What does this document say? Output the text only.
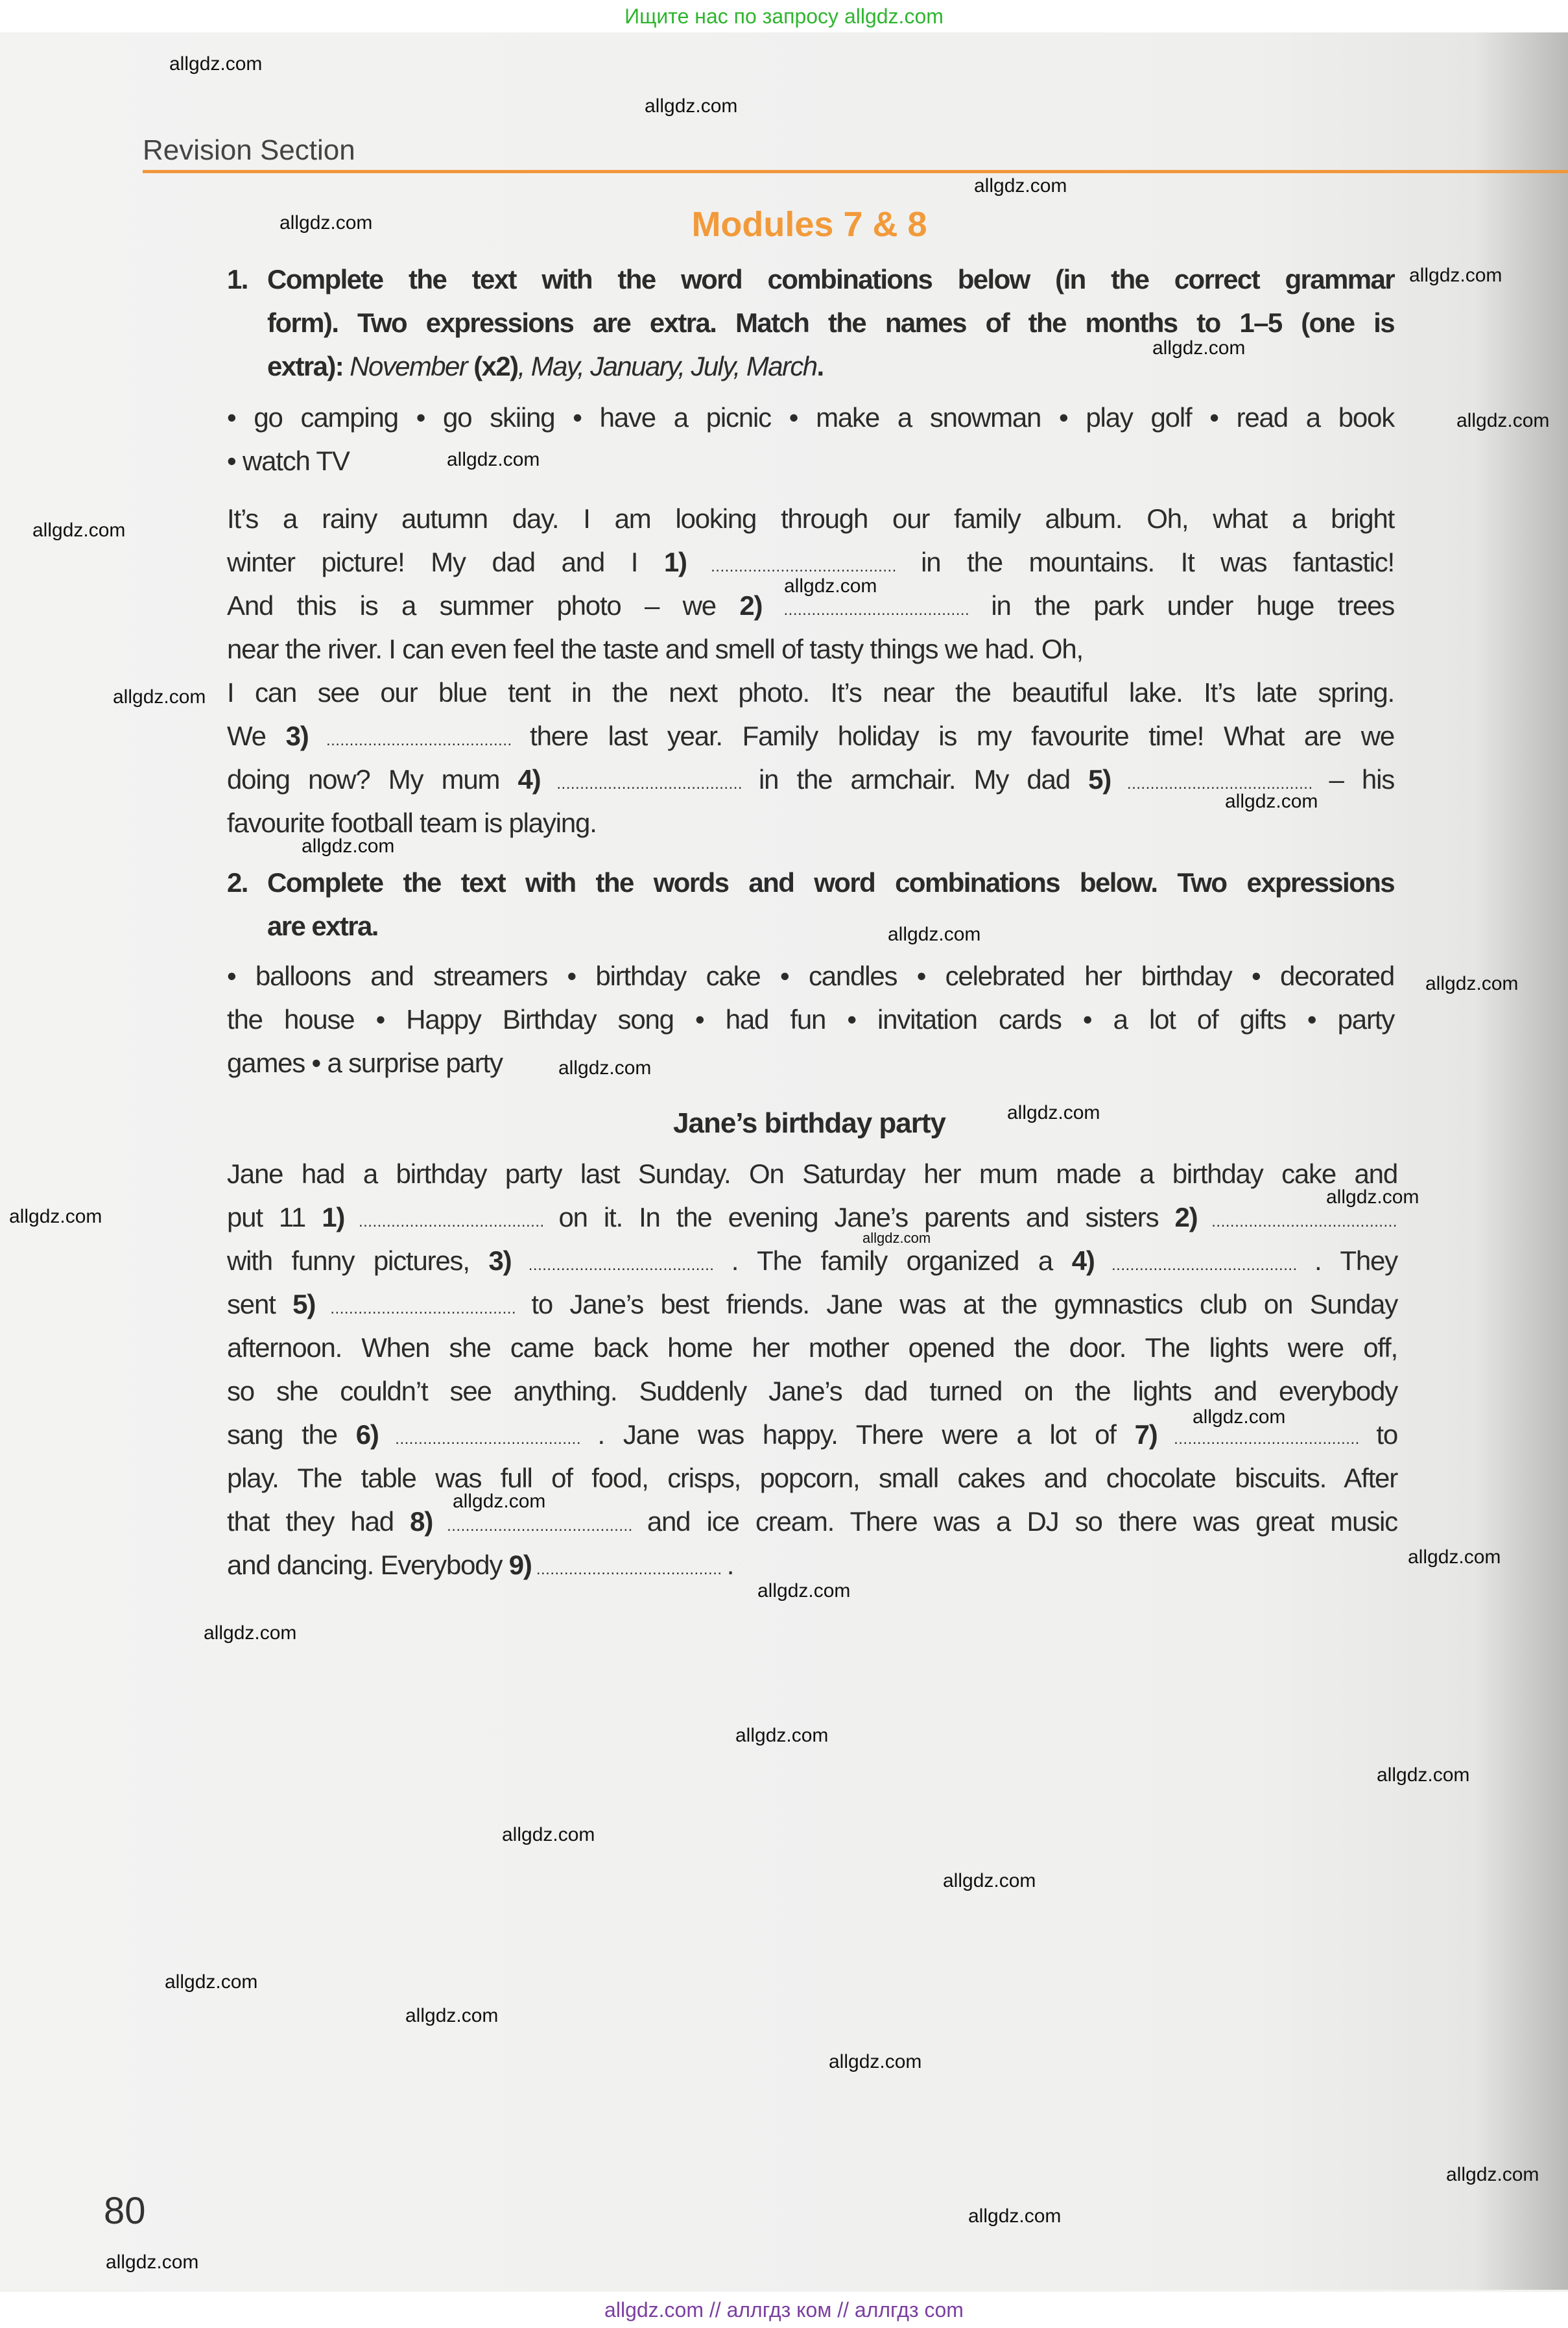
Ищите нас по запросу allgdz.com
Revision Section
Modules 7 & 8
1. Complete the text with the word combinations below (in the correct grammar
form). Two expressions are extra. Match the names of the months to 1–5 (one is
extra): November (x2), May, January, July, March.
• go camping • go skiing • have a picnic • make a snowman • play golf • read a book
• watch TV
It’s a rainy autumn day. I am looking through our family album. Oh, what a bright
winter picture! My dad and I 1) ........................................ in the mountains. It was fantastic!
And this is a summer photo – we 2) ........................................ in the park under huge trees
near the river. I can even feel the taste and smell of tasty things we had. Oh,
I can see our blue tent in the next photo. It’s near the beautiful lake. It’s late spring.
We 3) ........................................ there last year. Family holiday is my favourite time! What are we
doing now? My mum 4) ........................................ in the armchair. My dad 5) ........................................ – his
favourite football team is playing.
2. Complete the text with the words and word combinations below. Two expressions
are extra.
• balloons and streamers • birthday cake • candles • celebrated her birthday • decorated
the house • Happy Birthday song • had fun • invitation cards • a lot of gifts • party
games • a surprise party
Jane’s birthday party
Jane had a birthday party last Sunday. On Saturday her mum made a birthday cake and
put 11 1) ........................................ on it. In the evening Jane’s parents and sisters 2) ........................................
with funny pictures, 3) ........................................ . The family organized a 4) ........................................ . They
sent 5) ........................................ to Jane’s best friends. Jane was at the gymnastics club on Sunday
afternoon. When she came back home her mother opened the door. The lights were off,
so she couldn’t see anything. Suddenly Jane’s dad turned on the lights and everybody
sang the 6) ........................................ . Jane was happy. There were a lot of 7) ........................................ to
play. The table was full of food, crisps, popcorn, small cakes and chocolate biscuits. After
that they had 8) ........................................ and ice cream. There was a DJ so there was great music
and dancing. Everybody 9) ........................................ .
80
allgdz.com
allgdz.com
allgdz.com
allgdz.com
allgdz.com
allgdz.com
allgdz.com
allgdz.com
allgdz.com
allgdz.com
allgdz.com
allgdz.com
allgdz.com
allgdz.com
allgdz.com
allgdz.com
allgdz.com
allgdz.com
allgdz.com
allgdz.com
allgdz.com
allgdz.com
allgdz.com
allgdz.com
allgdz.com
allgdz.com
allgdz.com
allgdz.com
allgdz.com
allgdz.com
allgdz.com
allgdz.com
allgdz.com
allgdz.com
allgdz.com
allgdz.com // аллгдз ком // аллгдз com
